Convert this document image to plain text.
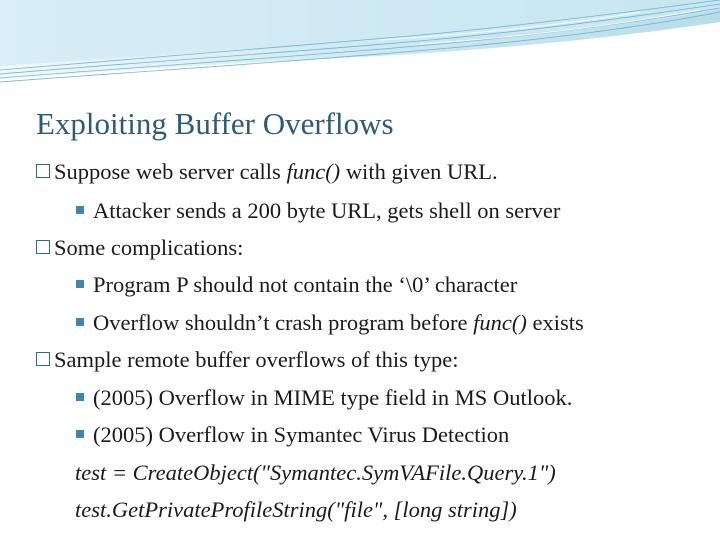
Exploiting Buffer Overflows
Suppose web server calls func() with given URL.
Attacker sends a 200 byte URL, gets shell on server
Some complications:
Program P should not contain the ‘\0’ character
Overflow shouldn’t crash program before func() exists
Sample remote buffer overflows of this type:
(2005) Overflow in MIME type field in MS Outlook.
(2005) Overflow in Symantec Virus Detection
test = CreateObject("Symantec.SymVAFile.Query.1")
test.GetPrivateProfileString("file", [long string])
